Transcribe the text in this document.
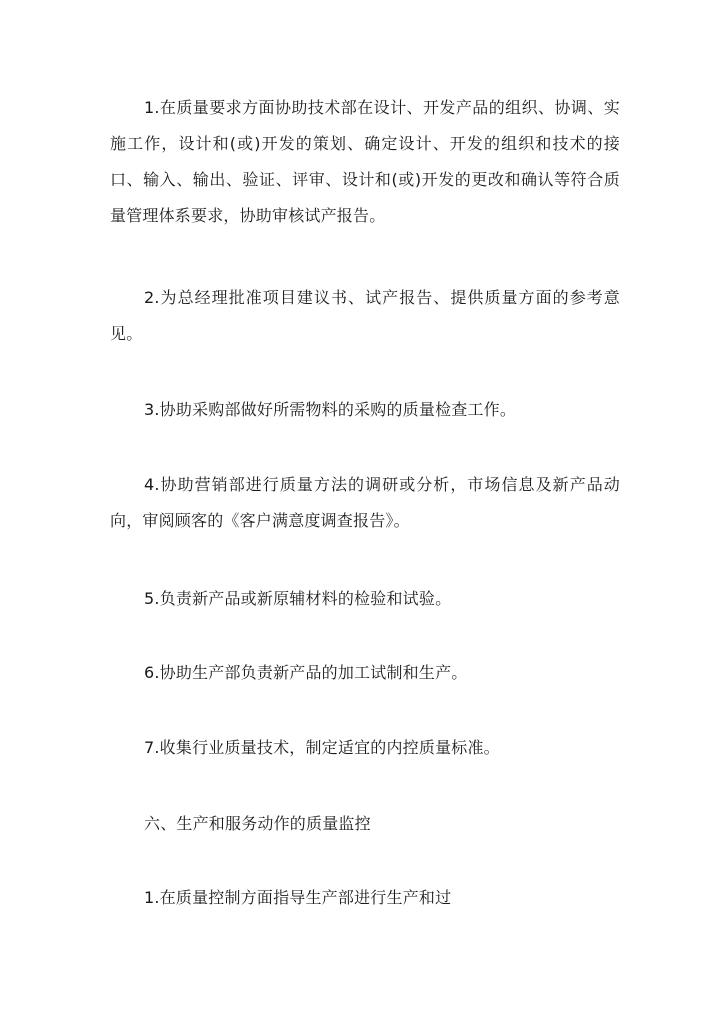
1.在质量要求方面协助技术部在设计、开发产品的组织、协调、实施工作，设计和(或)开发的策划、确定设计、开发的组织和技术的接口、输入、输出、验证、评审、设计和(或)开发的更改和确认等符合质量管理体系要求，协助审核试产报告。

2.为总经理批准项目建议书、试产报告、提供质量方面的参考意见。

3.协助采购部做好所需物料的采购的质量检查工作。

4.协助营销部进行质量方法的调研或分析，市场信息及新产品动向，审阅顾客的《客户满意度调查报告》。

5.负责新产品或新原辅材料的检验和试验。

6.协助生产部负责新产品的加工试制和生产。

7.收集行业质量技术，制定适宜的内控质量标准。

六、生产和服务动作的质量监控

1.在质量控制方面指导生产部进行生产和过
